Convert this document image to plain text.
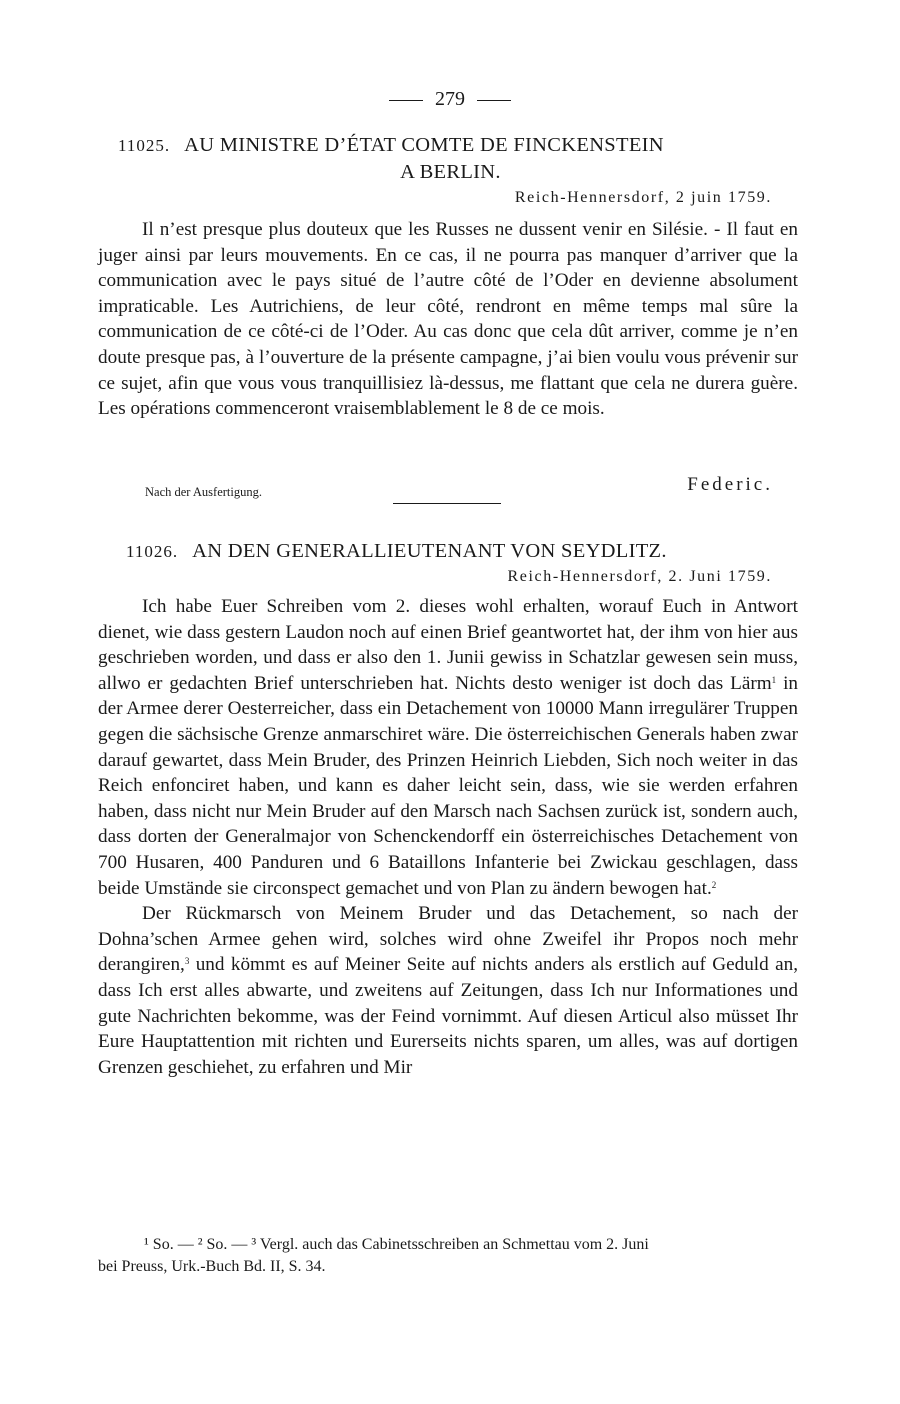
279
11025. AU MINISTRE D’ÉTAT COMTE DE FINCKENSTEIN
A BERLIN.
Reich-Hennersdorf, 2 juin 1759.

Il n’est presque plus douteux que les Russes ne dussent venir en Silésie. - Il faut en juger ainsi par leurs mouvements. En ce cas, il ne pourra pas manquer d’arriver que la communication avec le pays situé de l’autre côté de l’Oder en devienne absolument impraticable. Les Autrichiens, de leur côté, rendront en même temps mal sûre la communication de ce côté-ci de l’Oder. Au cas donc que cela dût arriver, comme je n’en doute presque pas, à l’ouverture de la présente campagne, j’ai bien voulu vous prévenir sur ce sujet, afin que vous vous tranquillisiez là-dessus, me flattant que cela ne durera guère. Les opérations commenceront vraisemblablement le 8 de ce mois.

Nach der Ausfertigung.	Federic.
11026. AN DEN GENERALLIEUTENANT VON SEYDLITZ.
Reich-Hennersdorf, 2. Juni 1759.

Ich habe Euer Schreiben vom 2. dieses wohl erhalten, worauf Euch in Antwort dienet, wie dass gestern Laudon noch auf einen Brief geantwortet hat, der ihm von hier aus geschrieben worden, und dass er also den 1. Junii gewiss in Schatzlar gewesen sein muss, allwo er gedachten Brief unterschrieben hat. Nichts desto weniger ist doch das Lärm$^1$ in der Armee derer Oesterreicher, dass ein Detachement von 10000 Mann irregulärer Truppen gegen die sächsische Grenze anmarschiret wäre. Die österreichischen Generals haben zwar darauf gewartet, dass Mein Bruder, des Prinzen Heinrich Liebden, Sich noch weiter in das Reich enfonciret haben, und kann es daher leicht sein, dass, wie sie werden erfahren haben, dass nicht nur Mein Bruder auf den Marsch nach Sachsen zurück ist, sondern auch, dass dorten der Generalmajor von Schenckendorff ein österreichisches Detachement von 700 Husaren, 400 Panduren und 6 Bataillons Infanterie bei Zwickau geschlagen, dass beide Umstände sie circonspect gemachet und von Plan zu ändern bewogen hat.$^2$

Der Rückmarsch von Meinem Bruder und das Detachement, so nach der Dohna’schen Armee gehen wird, solches wird ohne Zweifel ihr Propos noch mehr derangiren,$^3$ und kömmt es auf Meiner Seite auf nichts anders als erstlich auf Geduld an, dass Ich erst alles abwarte, und zweitens auf Zeitungen, dass Ich nur Informationes und gute Nachrichten bekomme, was der Feind vornimmt. Auf diesen Articul also müsset Ihr Eure Hauptattention mit richten und Eurerseits nichts sparen, um alles, was auf dortigen Grenzen geschiehet, zu erfahren und Mir

¹ So. — ² So. — ³ Vergl. auch das Cabinetsschreiben an Schmettau vom 2. Juni
bei Preuss, Urk.-Buch Bd. II, S. 34.
